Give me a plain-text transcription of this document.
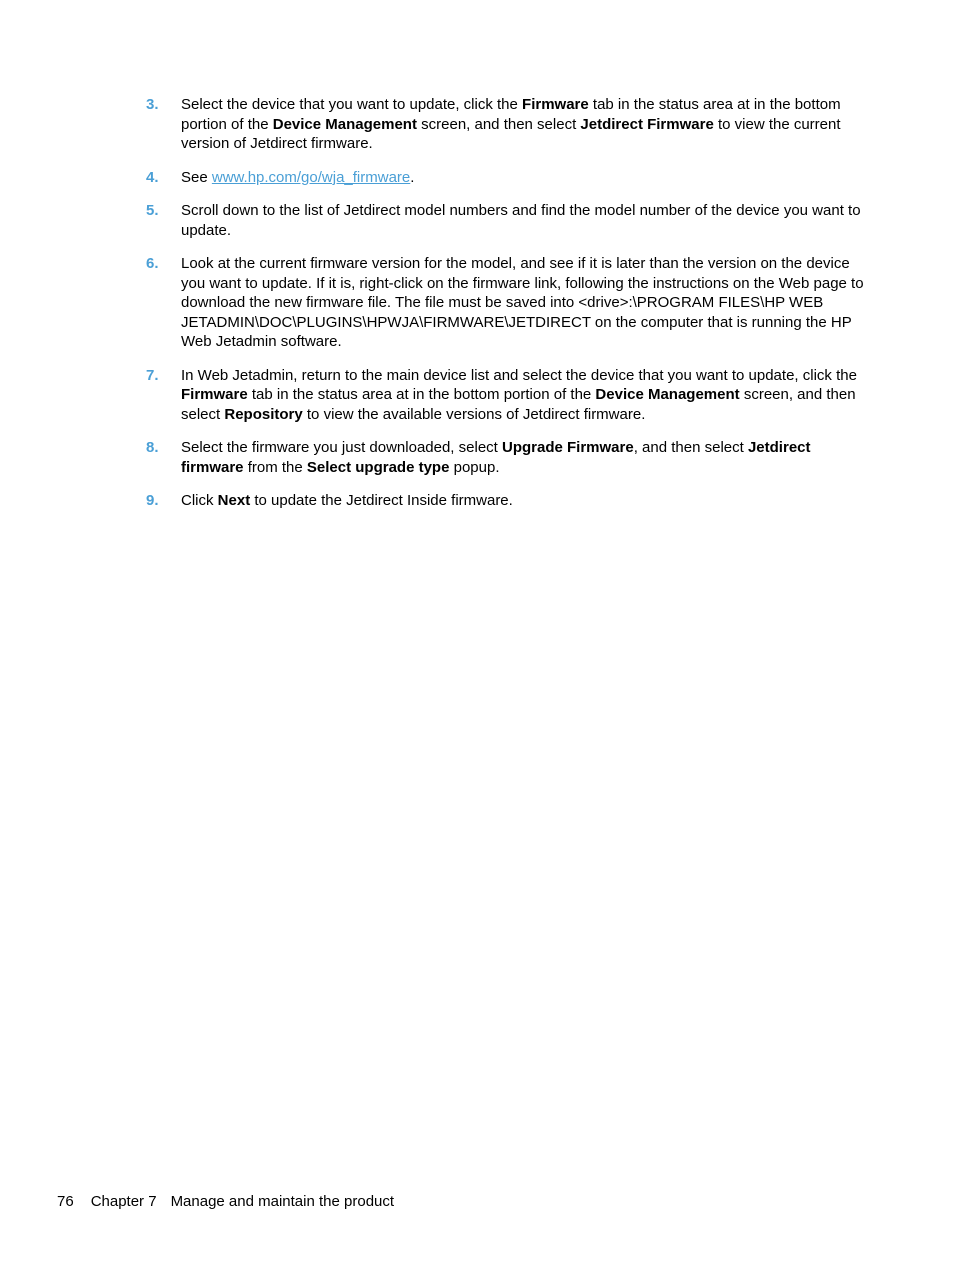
3.	Select the device that you want to update, click the Firmware tab in the status area at in the bottom portion of the Device Management screen, and then select Jetdirect Firmware to view the current version of Jetdirect firmware.
4.	See www.hp.com/go/wja_firmware.
5.	Scroll down to the list of Jetdirect model numbers and find the model number of the device you want to update.
6.	Look at the current firmware version for the model, and see if it is later than the version on the device you want to update. If it is, right-click on the firmware link, following the instructions on the Web page to download the new firmware file. The file must be saved into <drive>:\PROGRAM FILES\HP WEB JETADMIN\DOC\PLUGINS\HPWJA\FIRMWARE\JETDIRECT on the computer that is running the HP Web Jetadmin software.
7.	In Web Jetadmin, return to the main device list and select the device that you want to update, click the Firmware tab in the status area at in the bottom portion of the Device Management screen, and then select Repository to view the available versions of Jetdirect firmware.
8.	Select the firmware you just downloaded, select Upgrade Firmware, and then select Jetdirect firmware from the Select upgrade type popup.
9.	Click Next to update the Jetdirect Inside firmware.
76 Chapter 7 Manage and maintain the product
